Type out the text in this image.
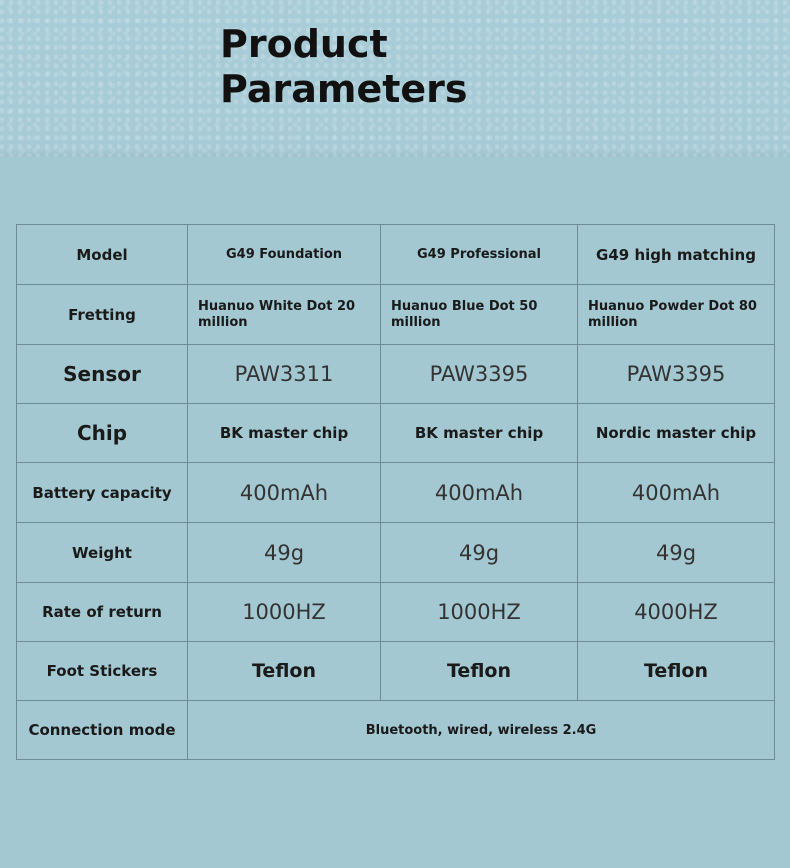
Product
Parameters
Model	G49 Foundation	G49 Professional	G49 high matching
Fretting	Huanuo White Dot 20 million	Huanuo Blue Dot 50 million	Huanuo Powder Dot 80 million
Sensor	PAW3311	PAW3395	PAW3395
Chip	BK master chip	BK master chip	Nordic master chip
Battery capacity	400mAh	400mAh	400mAh
Weight	49g	49g	49g
Rate of return	1000HZ	1000HZ	4000HZ
Foot Stickers	Teflon	Teflon	Teflon
Connection mode	Bluetooth, wired, wireless 2.4G		
